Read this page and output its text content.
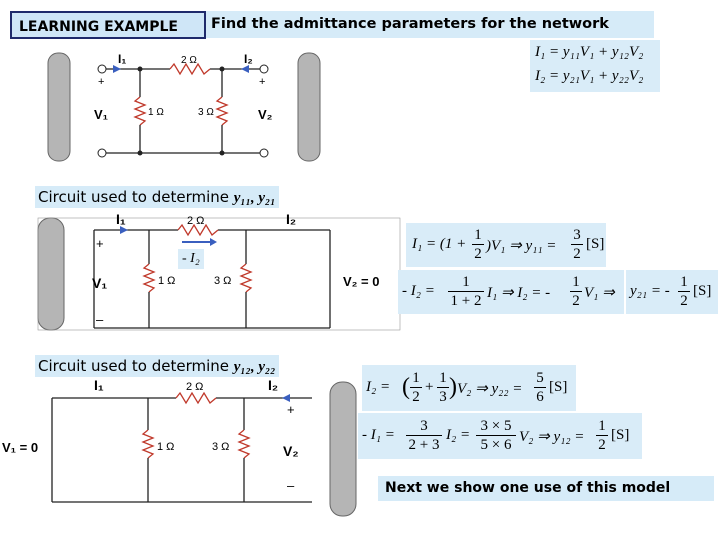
LEARNING EXAMPLE	Find the admittance parameters for the network
I₁ = y₁₁V₁ + y₁₂V₂
I₂ = y₂₁V₁ + y₂₂V₂
I₁	I₂
2 Ω
1 Ω	3 Ω
V₁	V₂
+	+
Circuit used to determine y₁₁, y₂₁
I₁	I₂
2 Ω
1 Ω	3 Ω
V₁
+
–
V₂ = 0
- I₂
I₁ = (1 +
1
2 )V₁ ⇒ y₁₁ =
3
2
[S]
- I₂ =
1
1 + 2 I₁ ⇒ I₂ = -
1
2 V₁ ⇒ y₂₁ = -
1
2
[S]
Circuit used to determine y₁₂, y₂₂
I₁	I₂
2 Ω
1 Ω	3 Ω
V₁ = 0	V₂
+
–
I₂ = ( 1
2
+
1
3 ) V₂ ⇒ y₂₂ =
5
6
[S]
- I₁ =
3
2 + 3
I₂ =
3 × 5
5 × 6 V₂ ⇒ y₁₂ =
1
2
[S]
Next we show one use of this model
